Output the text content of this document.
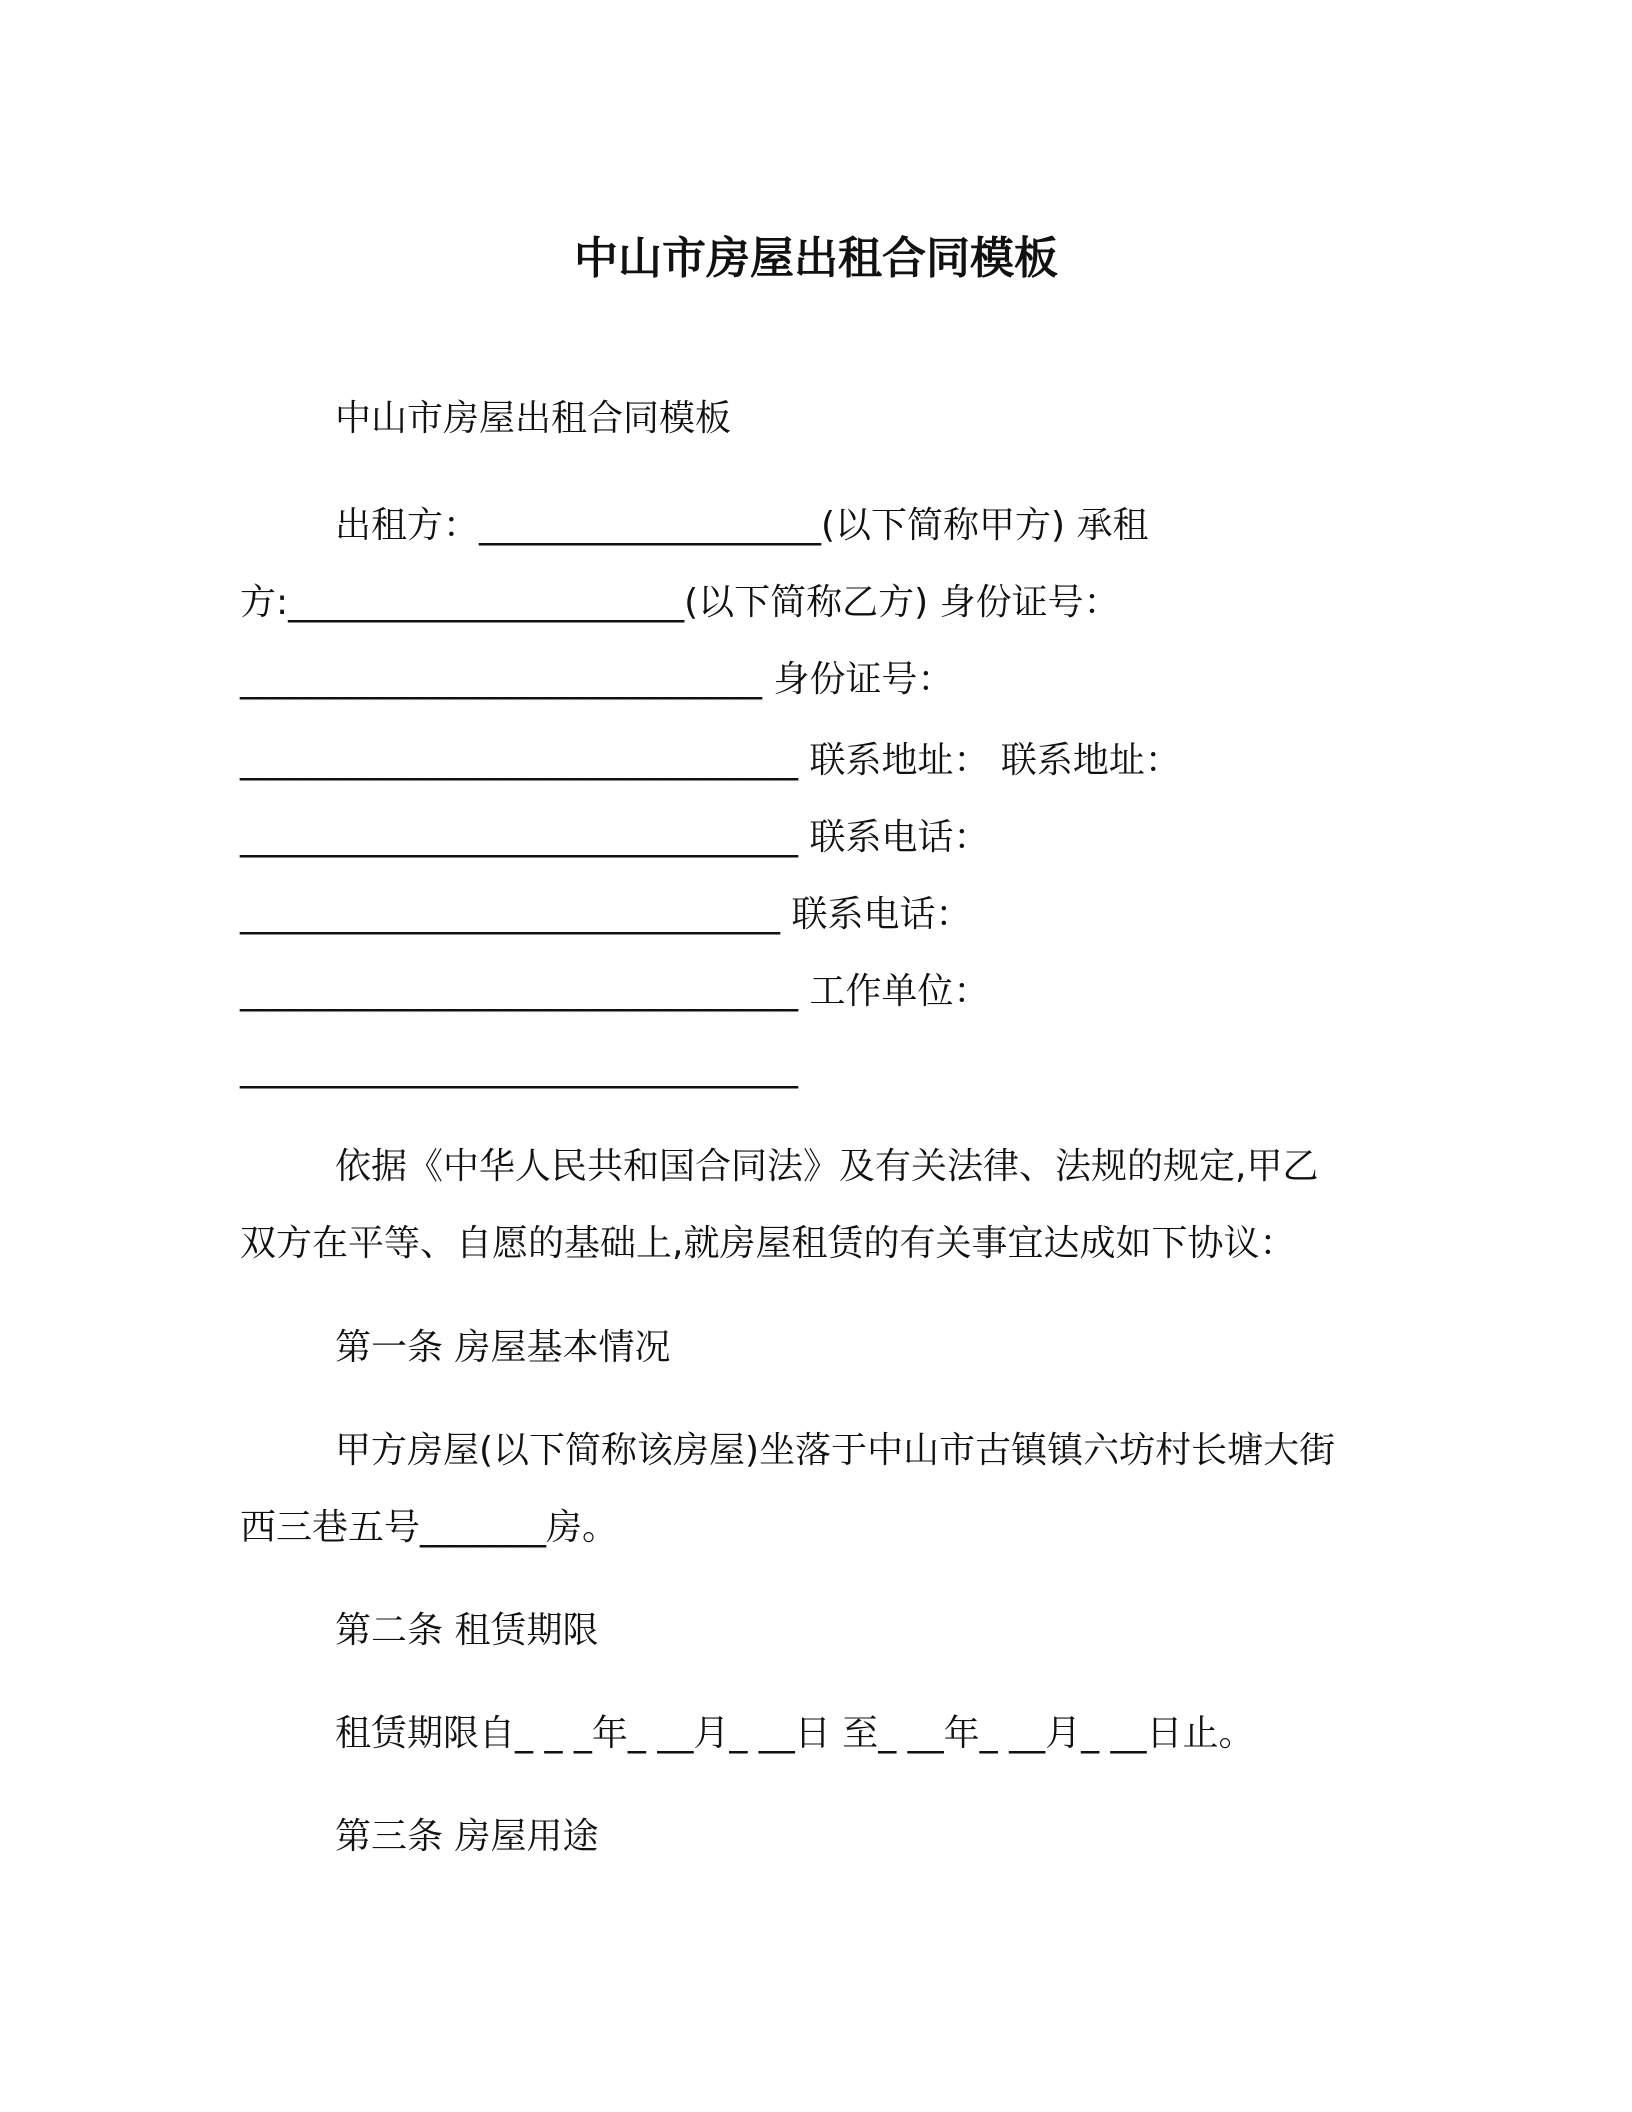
中山市房屋出租合同模板
中山市房屋出租合同模板
出租方：___________________(以下简称甲方) 承租
方:______________________(以下简称乙方) 身份证号：
_____________________________ 身份证号：
_______________________________ 联系地址： 联系地址：
_______________________________ 联系电话：
______________________________ 联系电话：
_______________________________ 工作单位：
_______________________________
依据《中华人民共和国合同法》及有关法律、法规的规定,甲乙
双方在平等、自愿的基础上,就房屋租赁的有关事宜达成如下协议：
第一条 房屋基本情况
甲方房屋(以下简称该房屋)坐落于中山市古镇镇六坊村长塘大街
西三巷五号_______房。
第二条 租赁期限
租赁期限自_ _ _年_ __月_ __日 至_ __年_ __月_ __日止。
第三条 房屋用途
